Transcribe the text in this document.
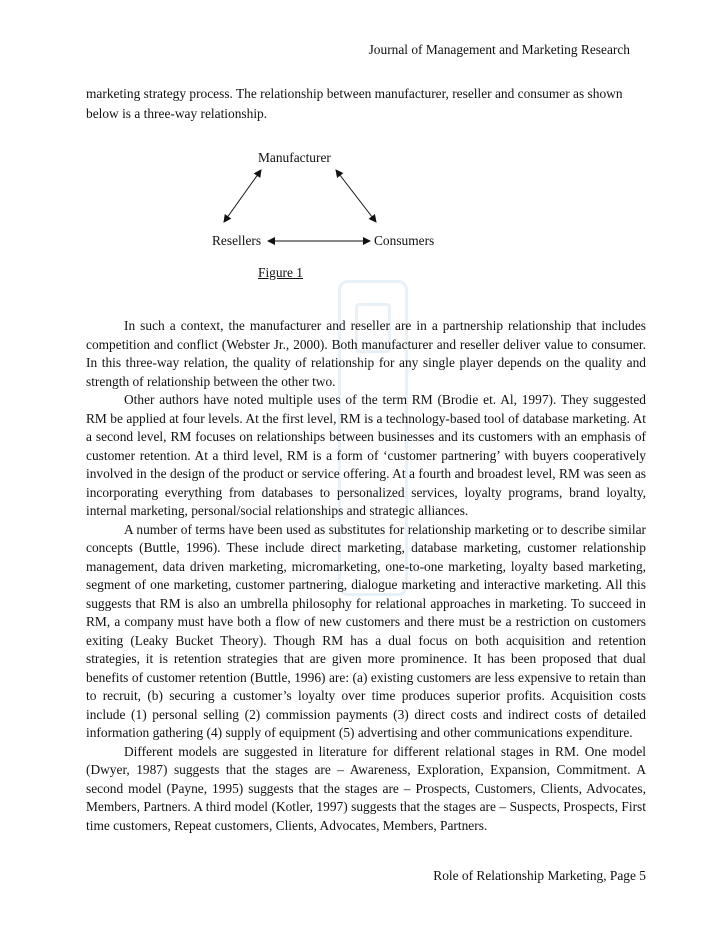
Journal of Management and Marketing Research

marketing strategy process. The relationship between manufacturer, reseller and consumer as shown below is a three-way relationship.

Manufacturer
Resellers	Consumers
Figure 1

In such a context, the manufacturer and reseller are in a partnership relationship that includes competition and conflict (Webster Jr., 2000). Both manufacturer and reseller deliver value to consumer. In this three-way relation, the quality of relationship for any single player depends on the quality and strength of relationship between the other two.

Other authors have noted multiple uses of the term RM (Brodie et. Al, 1997). They suggested RM be applied at four levels. At the first level, RM is a technology-based tool of database marketing. At a second level, RM focuses on relationships between businesses and its customers with an emphasis of customer retention. At a third level, RM is a form of ‘customer partnering’ with buyers cooperatively involved in the design of the product or service offering. At a fourth and broadest level, RM was seen as incorporating everything from databases to personalized services, loyalty programs, brand loyalty, internal marketing, personal/social relationships and strategic alliances.

A number of terms have been used as substitutes for relationship marketing or to describe similar concepts (Buttle, 1996). These include direct marketing, database marketing, customer relationship management, data driven marketing, micromarketing, one-to-one marketing, loyalty based marketing, segment of one marketing, customer partnering, dialogue marketing and interactive marketing. All this suggests that RM is also an umbrella philosophy for relational approaches in marketing. To succeed in RM, a company must have both a flow of new customers and there must be a restriction on customers exiting (Leaky Bucket Theory). Though RM has a dual focus on both acquisition and retention strategies, it is retention strategies that are given more prominence. It has been proposed that dual benefits of customer retention (Buttle, 1996) are: (a) existing customers are less expensive to retain than to recruit, (b) securing a customer’s loyalty over time produces superior profits. Acquisition costs include (1) personal selling (2) commission payments (3) direct costs and indirect costs of detailed information gathering (4) supply of equipment (5) advertising and other communications expenditure.

Different models are suggested in literature for different relational stages in RM. One model (Dwyer, 1987) suggests that the stages are – Awareness, Exploration, Expansion, Commitment. A second model (Payne, 1995) suggests that the stages are – Prospects, Customers, Clients, Advocates, Members, Partners. A third model (Kotler, 1997) suggests that the stages are – Suspects, Prospects, First time customers, Repeat customers, Clients, Advocates, Members, Partners.

Role of Relationship Marketing, Page 5
